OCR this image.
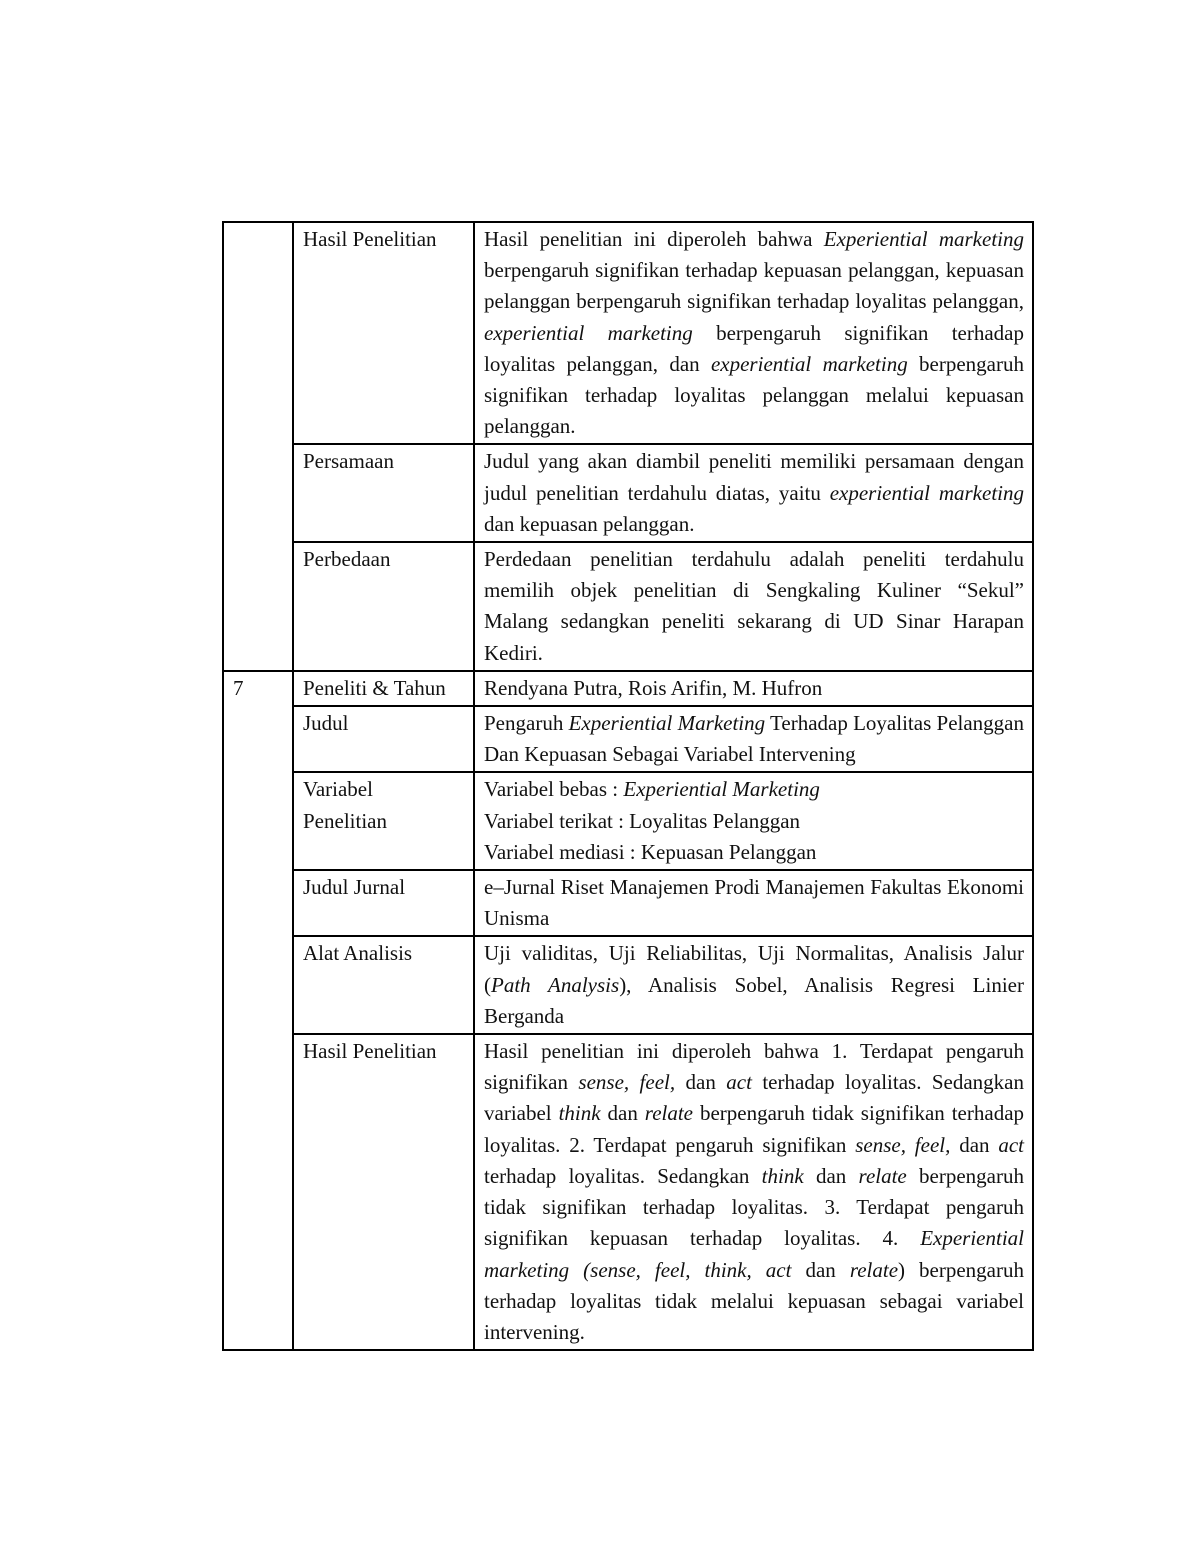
	Hasil Penelitian	Hasil penelitian ini diperoleh bahwa Experiential marketing berpengaruh signifikan terhadap kepuasan pelanggan, kepuasan pelanggan berpengaruh signifikan terhadap loyalitas pelanggan, experiential marketing berpengaruh signifikan terhadap loyalitas pelanggan, dan experiential marketing berpengaruh signifikan terhadap loyalitas pelanggan melalui kepuasan pelanggan.
	Persamaan	Judul yang akan diambil peneliti memiliki persamaan dengan judul penelitian terdahulu diatas, yaitu experiential marketing dan kepuasan pelanggan.
	Perbedaan	Perdedaan penelitian terdahulu adalah peneliti terdahulu memilih objek penelitian di Sengkaling Kuliner “Sekul” Malang sedangkan peneliti sekarang di UD Sinar Harapan Kediri.
7	Peneliti & Tahun	Rendyana Putra, Rois Arifin, M. Hufron
	Judul	Pengaruh Experiential Marketing Terhadap Loyalitas Pelanggan Dan Kepuasan Sebagai Variabel Intervening
	Variabel Penelitian	Variabel bebas : Experiential Marketing
Variabel terikat : Loyalitas Pelanggan
Variabel mediasi : Kepuasan Pelanggan

	Judul Jurnal	e–Jurnal Riset Manajemen Prodi Manajemen Fakultas Ekonomi Unisma
	Alat Analisis	Uji validitas, Uji Reliabilitas, Uji Normalitas, Analisis Jalur (Path Analysis), Analisis Sobel, Analisis Regresi Linier Berganda
	Hasil Penelitian	Hasil penelitian ini diperoleh bahwa 1. Terdapat pengaruh signifikan sense, feel, dan act terhadap loyalitas. Sedangkan variabel think dan relate berpengaruh tidak signifikan terhadap loyalitas. 2. Terdapat pengaruh signifikan sense, feel, dan act terhadap loyalitas. Sedangkan think dan relate berpengaruh tidak signifikan terhadap loyalitas. 3. Terdapat pengaruh signifikan kepuasan terhadap loyalitas. 4. Experiential marketing (sense, feel, think, act dan relate) berpengaruh terhadap loyalitas tidak melalui kepuasan sebagai variabel intervening.
